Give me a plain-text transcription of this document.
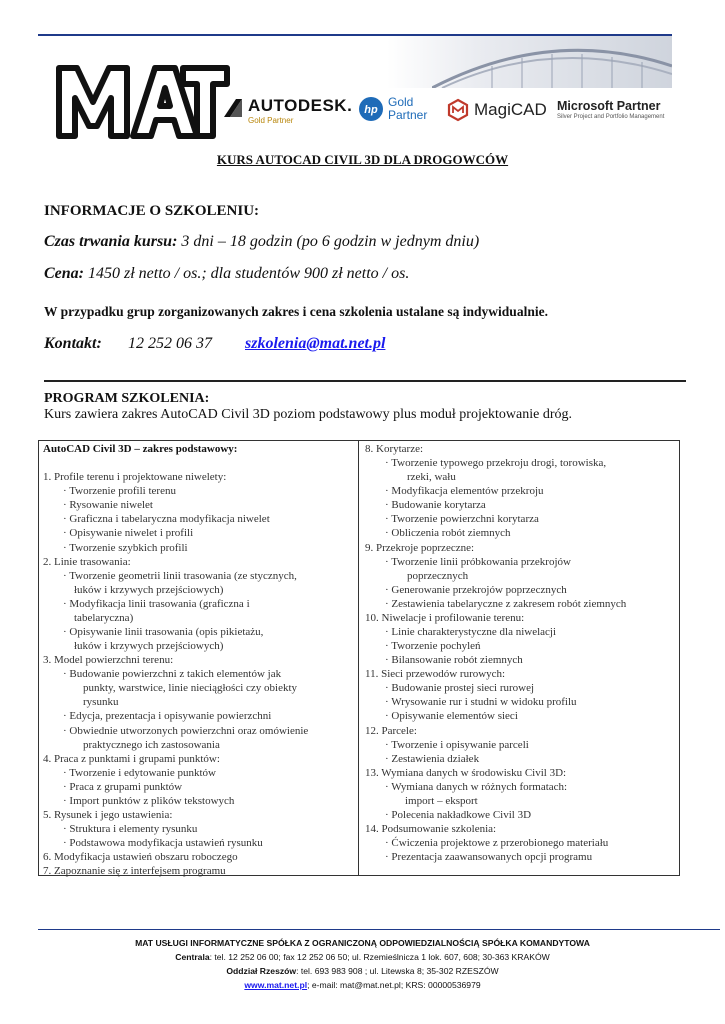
AUTODESK.
Gold Partner
hp
Gold
Partner	MagiCAD Microsoft Partner
Silver Project and Portfolio Management
KURS AUTOCAD CIVIL 3D DLA DROGOWCÓW
INFORMACJE O SZKOLENIU:
Czas trwania kursu: 3 dni – 18 godzin (po 6 godzin w jednym dniu)
Cena: 1450 zł netto / os.; dla studentów 900 zł netto / os.
W przypadku grup zorganizowanych zakres i cena szkolenia ustalane są indywidualnie.
Kontakt: 12 252 06 37 szkolenia@mat.net.pl
PROGRAM SZKOLENIA:
Kurs zawiera zakres AutoCAD Civil 3D poziom podstawowy plus moduł projektowanie dróg.
AutoCAD Civil 3D – zakres podstawowy:
1. Profile terenu i projektowane niwelety:
· Tworzenie profili terenu
· Rysowanie niwelet
· Graficzna i tabelaryczna modyfikacja niwelet
· Opisywanie niwelet i profili
· Tworzenie szybkich profili
2. Linie trasowania:
· Tworzenie geometrii linii trasowania (ze stycznych,
łuków i krzywych przejściowych)
· Modyfikacja linii trasowania (graficzna i
tabelaryczna)
· Opisywanie linii trasowania (opis pikietażu,
łuków i krzywych przejściowych)
3. Model powierzchni terenu:
· Budowanie powierzchni z takich elementów jak
punkty, warstwice, linie nieciągłości czy obiekty
rysunku
· Edycja, prezentacja i opisywanie powierzchni
· Obwiednie utworzonych powierzchni oraz omówienie
praktycznego ich zastosowania
4. Praca z punktami i grupami punktów:
· Tworzenie i edytowanie punktów
· Praca z grupami punktów
· Import punktów z plików tekstowych
5. Rysunek i jego ustawienia:
· Struktura i elementy rysunku
· Podstawowa modyfikacja ustawień rysunku
6. Modyfikacja ustawień obszaru roboczego
7. Zapoznanie się z interfejsem programu
8. Korytarze:
· Tworzenie typowego przekroju drogi, torowiska,
rzeki, wału
· Modyfikacja elementów przekroju
· Budowanie korytarza
· Tworzenie powierzchni korytarza
· Obliczenia robót ziemnych
9. Przekroje poprzeczne:
· Tworzenie linii próbkowania przekrojów
poprzecznych
· Generowanie przekrojów poprzecznych
· Zestawienia tabelaryczne z zakresem robót ziemnych
10. Niwelacje i profilowanie terenu:
· Linie charakterystyczne dla niwelacji
· Tworzenie pochyleń
· Bilansowanie robót ziemnych
11. Sieci przewodów rurowych:
· Budowanie prostej sieci rurowej
· Wrysowanie rur i studni w widoku profilu
· Opisywanie elementów sieci
12. Parcele:
· Tworzenie i opisywanie parceli
· Zestawienia działek
13. Wymiana danych w środowisku Civil 3D:
· Wymiana danych w różnych formatach:
import – eksport
· Polecenia nakładkowe Civil 3D
14. Podsumowanie szkolenia:
· Ćwiczenia projektowe z przerobionego materiału
· Prezentacja zaawansowanych opcji programu
MAT USŁUGI INFORMATYCZNE SPÓŁKA Z OGRANICZONĄ ODPOWIEDZIALNOŚCIĄ SPÓŁKA KOMANDYTOWA
Centrala: tel. 12 252 06 00; fax 12 252 06 50; ul. Rzemieślnicza 1 lok. 607, 608; 30-363 KRAKÓW
Oddział Rzeszów: tel. 693 983 908 ; ul. Litewska 8; 35-302 RZESZÓW
www.mat.net.pl; e-mail: mat@mat.net.pl; KRS: 00000536979
